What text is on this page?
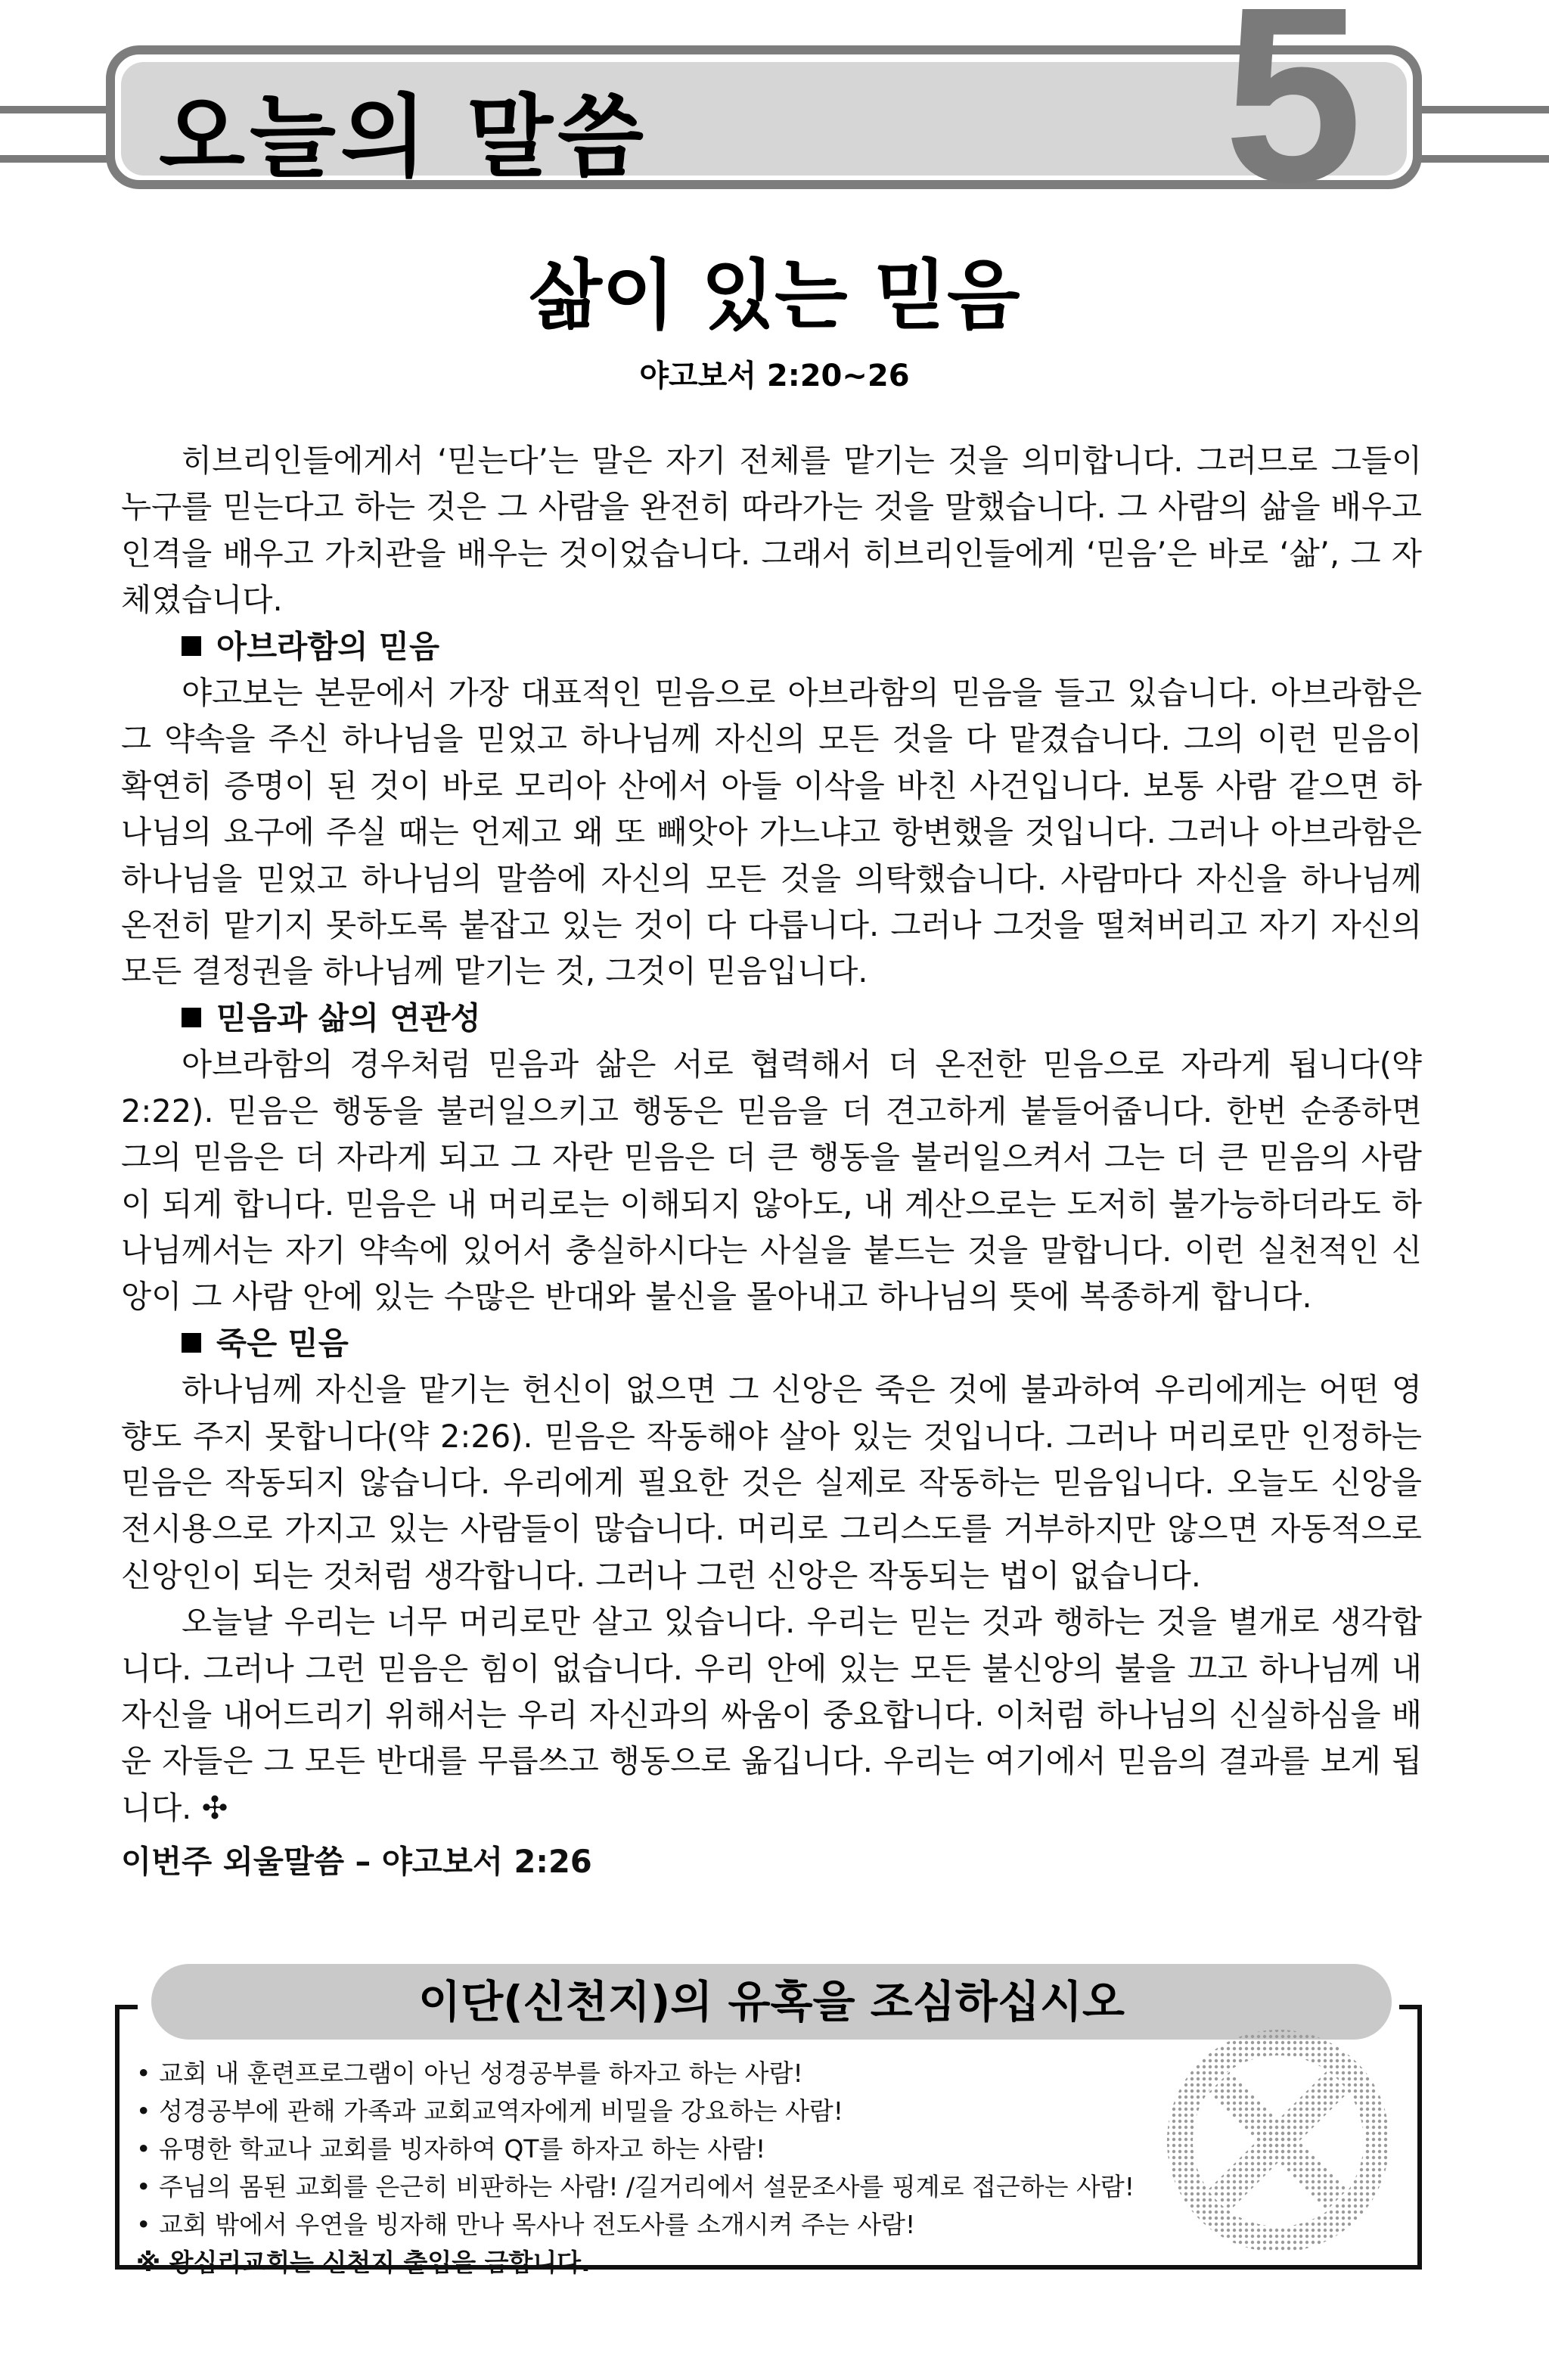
오늘의 말씀 5
삶이 있는 믿음
야고보서 2:20~26

히브리인들에게서 ‘믿는다’는 말은 자기 전체를 맡기는 것을 의미합니다. 그러므로 그들이 누구를 믿는다고 하는 것은 그 사람을 완전히 따라가는 것을 말했습니다. 그 사람의 삶을 배우고 인격을 배우고 가치관을 배우는 것이었습니다. 그래서 히브리인들에게 ‘믿음’은 바로 ‘삶’, 그 자체였습니다.

아브라함의 믿음

야고보는 본문에서 가장 대표적인 믿음으로 아브라함의 믿음을 들고 있습니다. 아브라함은 그 약속을 주신 하나님을 믿었고 하나님께 자신의 모든 것을 다 맡겼습니다. 그의 이런 믿음이 확연히 증명이 된 것이 바로 모리아 산에서 아들 이삭을 바친 사건입니다. 보통 사람 같으면 하나님의 요구에 주실 때는 언제고 왜 또 빼앗아 가느냐고 항변했을 것입니다. 그러나 아브라함은 하나님을 믿었고 하나님의 말씀에 자신의 모든 것을 의탁했습니다. 사람마다 자신을 하나님께 온전히 맡기지 못하도록 붙잡고 있는 것이 다 다릅니다. 그러나 그것을 떨쳐버리고 자기 자신의 모든 결정권을 하나님께 맡기는 것, 그것이 믿음입니다.

믿음과 삶의 연관성

아브라함의 경우처럼 믿음과 삶은 서로 협력해서 더 온전한 믿음으로 자라게 됩니다(약 2:22). 믿음은 행동을 불러일으키고 행동은 믿음을 더 견고하게 붙들어줍니다. 한번 순종하면 그의 믿음은 더 자라게 되고 그 자란 믿음은 더 큰 행동을 불러일으켜서 그는 더 큰 믿음의 사람이 되게 합니다. 믿음은 내 머리로는 이해되지 않아도, 내 계산으로는 도저히 불가능하더라도 하나님께서는 자기 약속에 있어서 충실하시다는 사실을 붙드는 것을 말합니다. 이런 실천적인 신앙이 그 사람 안에 있는 수많은 반대와 불신을 몰아내고 하나님의 뜻에 복종하게 합니다.

죽은 믿음

하나님께 자신을 맡기는 헌신이 없으면 그 신앙은 죽은 것에 불과하여 우리에게는 어떤 영향도 주지 못합니다(약 2:26). 믿음은 작동해야 살아 있는 것입니다. 그러나 머리로만 인정하는 믿음은 작동되지 않습니다. 우리에게 필요한 것은 실제로 작동하는 믿음입니다. 오늘도 신앙을 전시용으로 가지고 있는 사람들이 많습니다. 머리로 그리스도를 거부하지만 않으면 자동적으로 신앙인이 되는 것처럼 생각합니다. 그러나 그런 신앙은 작동되는 법이 없습니다.

오늘날 우리는 너무 머리로만 살고 있습니다. 우리는 믿는 것과 행하는 것을 별개로 생각합니다. 그러나 그런 믿음은 힘이 없습니다. 우리 안에 있는 모든 불신앙의 불을 끄고 하나님께 내 자신을 내어드리기 위해서는 우리 자신과의 싸움이 중요합니다. 이처럼 하나님의 신실하심을 배운 자들은 그 모든 반대를 무릅쓰고 행동으로 옮깁니다. 우리는 여기에서 믿음의 결과를 보게 됩니다. ✣

이번주 외울말씀 – 야고보서 2:26

이단(신천지)의 유혹을 조심하십시오

• 교회 내 훈련프로그램이 아닌 성경공부를 하자고 하는 사람!

• 성경공부에 관해 가족과 교회교역자에게 비밀을 강요하는 사람!

• 유명한 학교나 교회를 빙자하여 QT를 하자고 하는 사람!

• 주님의 몸된 교회를 은근히 비판하는 사람! /길거리에서 설문조사를 핑계로 접근하는 사람!

• 교회 밖에서 우연을 빙자해 만나 목사나 전도사를 소개시켜 주는 사람!

※ 왕십리교회는 신천지 출입을 금합니다.
